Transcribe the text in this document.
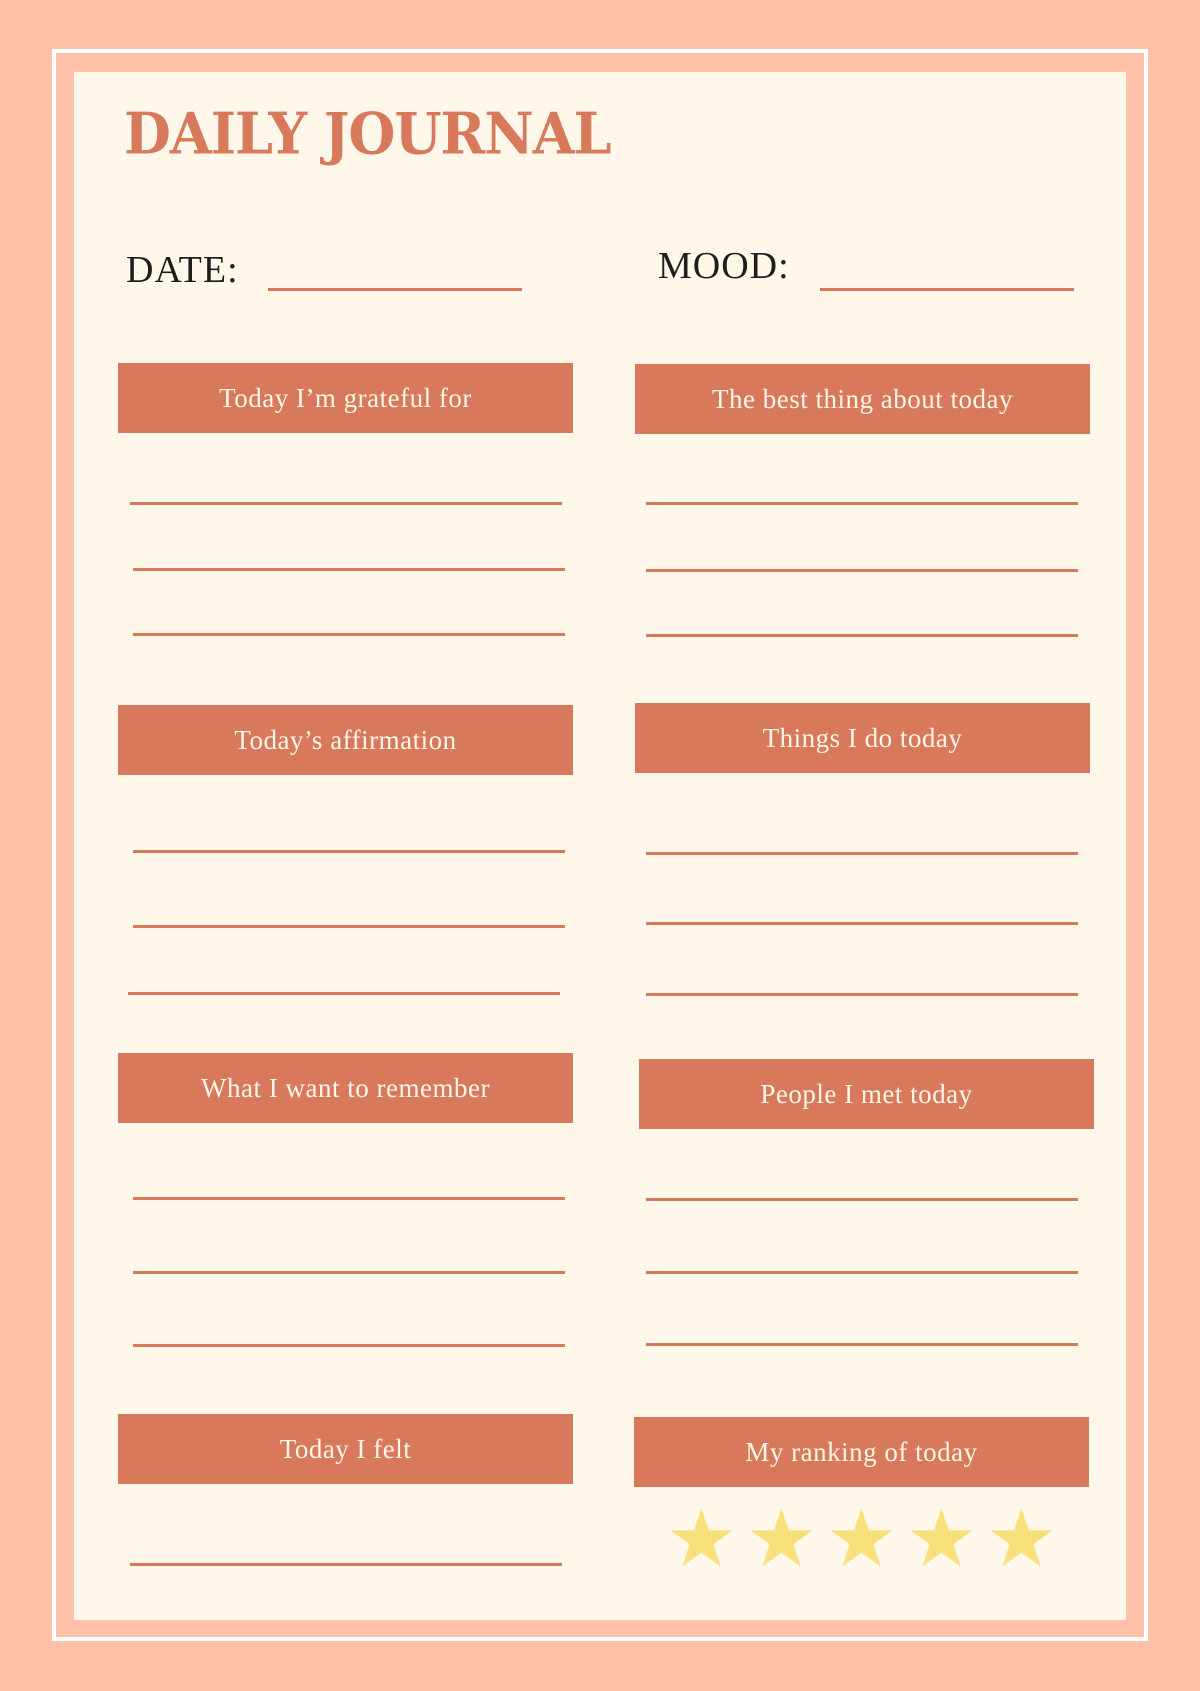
DAILY JOURNAL
DATE:	MOOD:
Today I’m grateful for	The best thing about today
Today’s affirmation	Things I do today
What I want to remember	People I met today
Today I felt	My ranking of today
